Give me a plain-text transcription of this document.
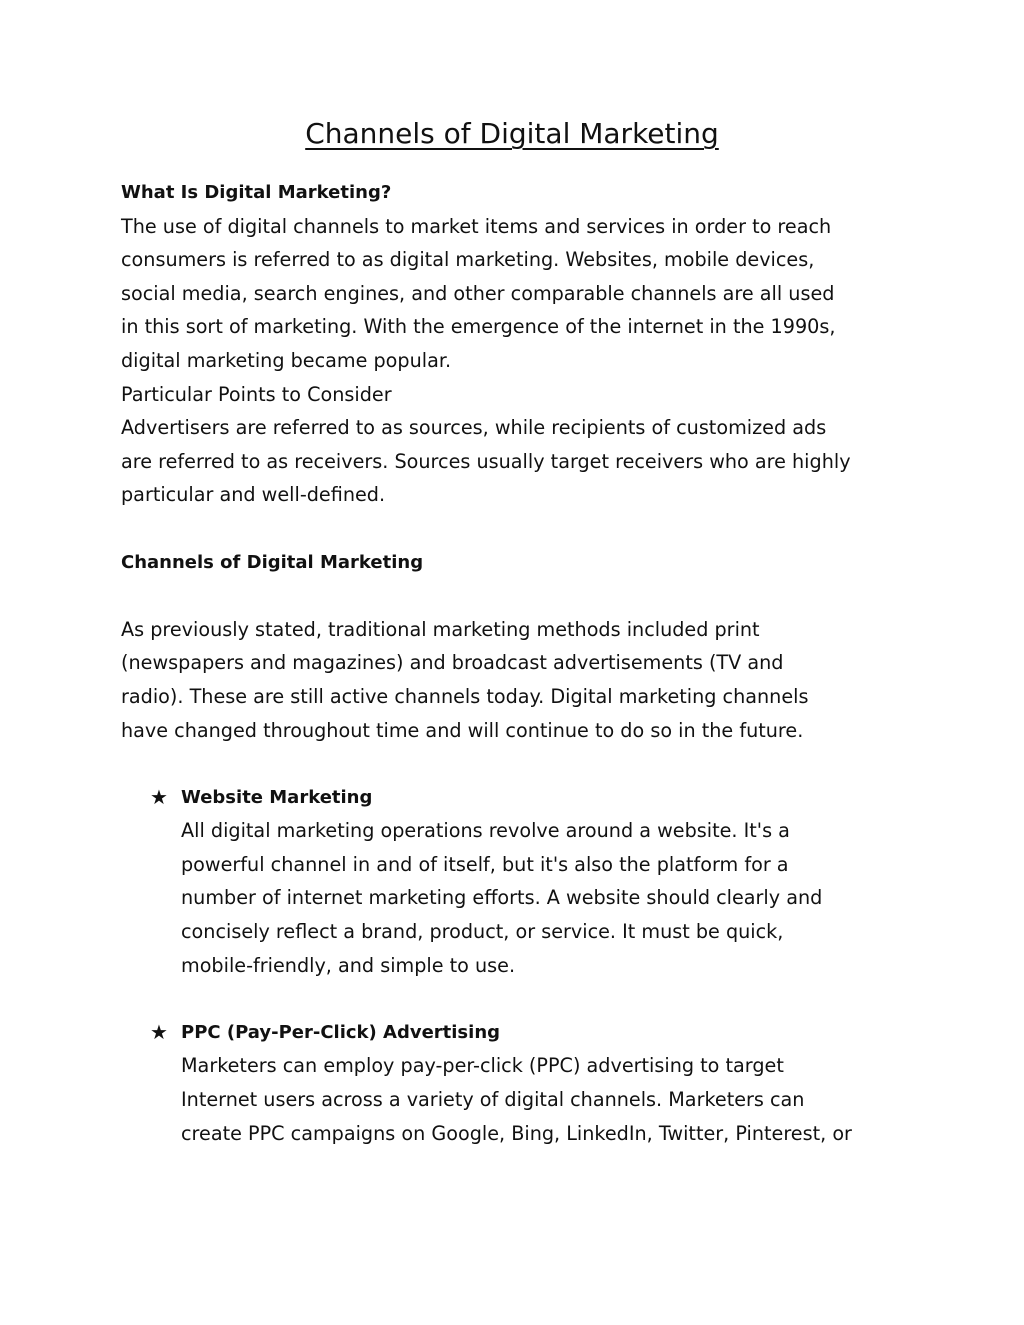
Channels of Digital Marketing
What Is Digital Marketing?
The use of digital channels to market items and services in order to reach
consumers is referred to as digital marketing. Websites, mobile devices,
social media, search engines, and other comparable channels are all used
in this sort of marketing. With the emergence of the internet in the 1990s,
digital marketing became popular.
Particular Points to Consider
Advertisers are referred to as sources, while recipients of customized ads
are referred to as receivers. Sources usually target receivers who are highly
particular and well-defined.
Channels of Digital Marketing
As previously stated, traditional marketing methods included print
(newspapers and magazines) and broadcast advertisements (TV and
radio). These are still active channels today. Digital marketing channels
have changed throughout time and will continue to do so in the future.
★ Website Marketing
All digital marketing operations revolve around a website. It's a
powerful channel in and of itself, but it's also the platform for a
number of internet marketing efforts. A website should clearly and
concisely reflect a brand, product, or service. It must be quick,
mobile-friendly, and simple to use.
★ PPC (Pay-Per-Click) Advertising
Marketers can employ pay-per-click (PPC) advertising to target
Internet users across a variety of digital channels. Marketers can
create PPC campaigns on Google, Bing, LinkedIn, Twitter, Pinterest, or
